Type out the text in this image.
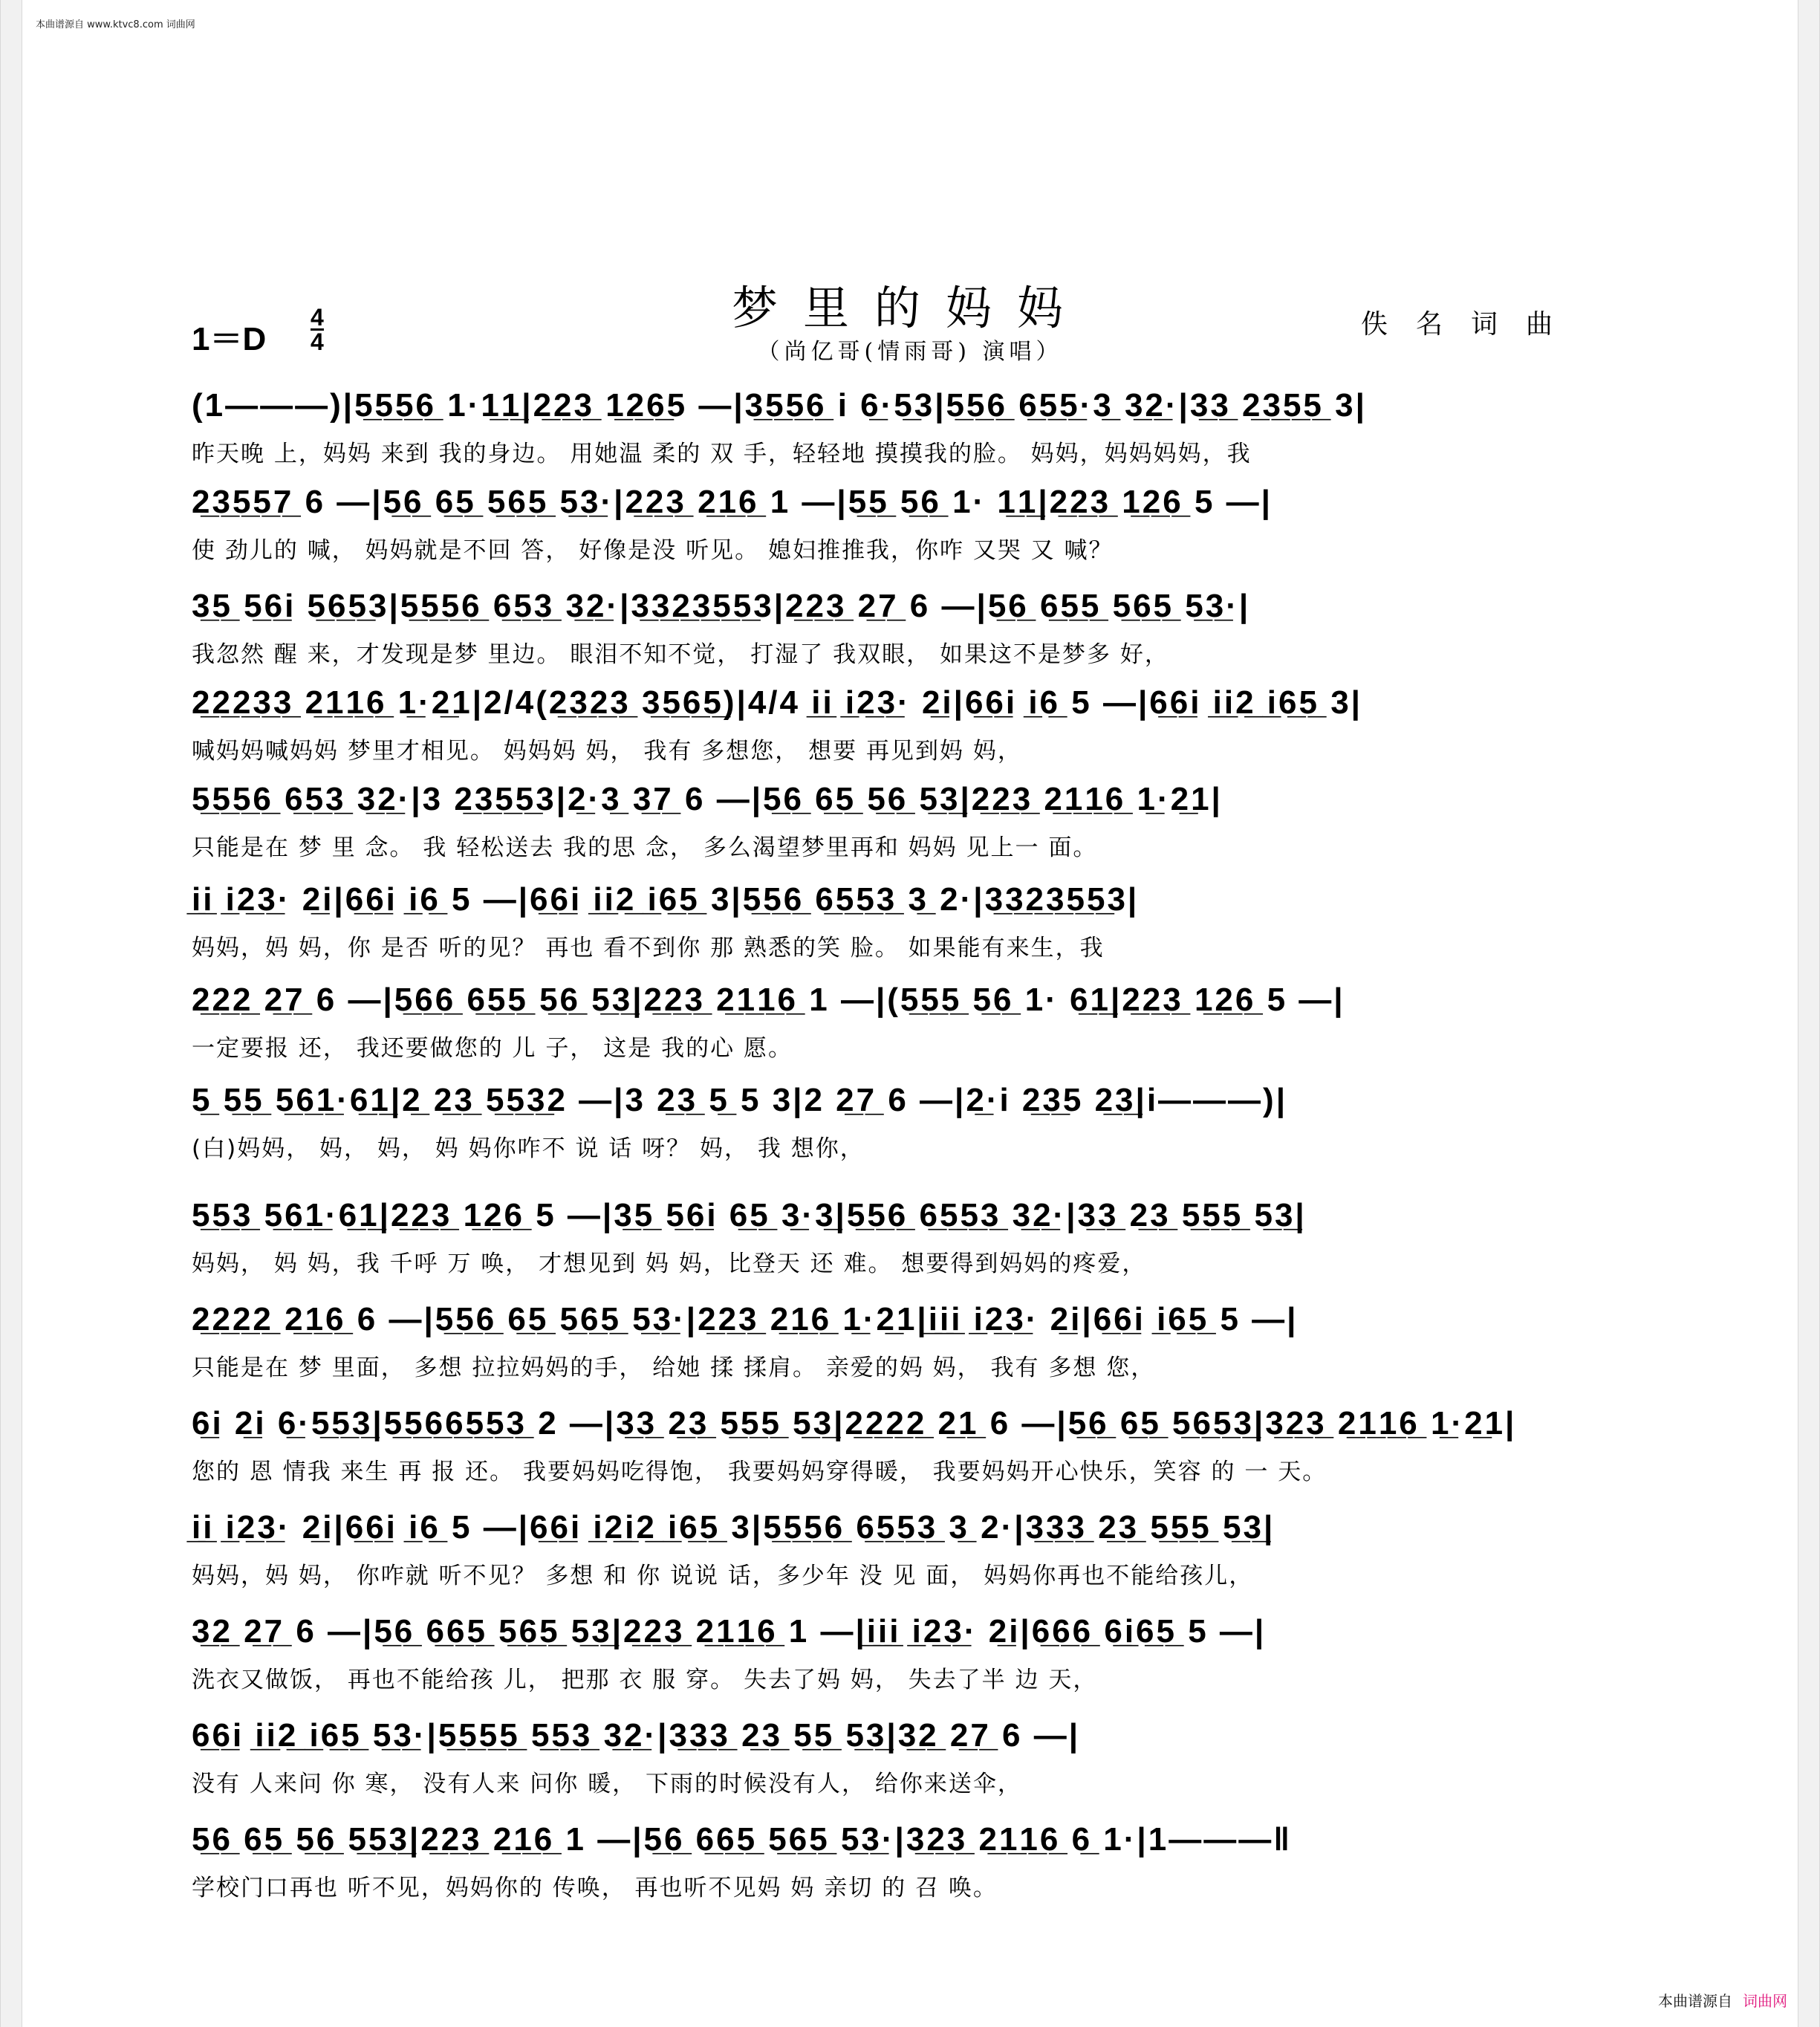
本曲谱源自 www.ktvc8.com 词曲网
梦里的妈妈
（尚亿哥(情雨哥) 演唱）
$1=D \frac{4}{4}$	佚名词曲
(1———)|5̲5̲5̲6̲ 1·1̲1̲|2̲2̲3̲ 1̲2̲6̲5 —|3̲5̲5̲6̲ i 6̲·5̲3|5̲5̲6̲ 6̲5̲5̲·3̲ 3̲2̲·|3̲3̲ 2̲3̲5̲5̲ 3|
昨天晚 上，妈妈 来到 我的身边。 用她温 柔的 双 手，轻轻地 摸摸我的脸。 妈妈，妈妈妈妈，我
2̲3̲5̲5̲7̲ 6 —|5̲6̲ 6̲5̲ 5̲6̲5̲ 5̲3̲·|2̲2̲3̲ 2̲1̲6̲ 1 —|5̲5̲ 5̲6̲ 1· 1̲1̲|2̲2̲3̲ 1̲2̲6̲ 5 —|
使 劲儿的 喊， 妈妈就是不回 答， 好像是没 听见。 媳妇推推我，你咋 又哭 又 喊？
3̲5̲ 5̲6̲i 5̲6̲5̲3|5̲5̲5̲6̲ 6̲5̲3̲ 3̲2̲·|3̲3̲2̲3̲5̲5̲3|2̲2̲3̲ 2̲7̲ 6 —|5̲6̲ 6̲5̲5̲ 5̲6̲5̲ 5̲3̲·|
我忽然 醒 来，才发现是梦 里边。 眼泪不知不觉， 打湿了 我双眼， 如果这不是梦多 好，
2̲2̲2̲3̲3̲ 2̲1̲1̲6̲ 1̲·2̲1|2/4(2̲3̲2̲3̲ 3̲5̲6̲5̲)|4/4 i̲i̲ i̲2̲3̲· 2̲i|6̲6̲i i̲6̲ 5 —|6̲6̲i i̲i̲2̲ i̲6̲5̲ 3|
喊妈妈喊妈妈 梦里才相见。 妈妈妈 妈， 我有 多想您， 想要 再见到妈 妈，
5̲5̲5̲6̲ 6̲5̲3̲ 3̲2̲·|3 2̲3̲5̲5̲3|2̲·3̲ 3̲7̲ 6 —|5̲6̲ 6̲5̲ 5̲6̲ 5̲3̲|2̲2̲3̲ 2̲1̲1̲6̲ 1̲·2̲1|
只能是在 梦 里 念。 我 轻松送去 我的思 念， 多么渴望梦里再和 妈妈 见上一 面。
i̲i̲ i̲2̲3̲· 2̲i|6̲6̲i i̲6̲ 5 —|6̲6̲i i̲i̲2̲ i̲6̲5̲ 3|5̲5̲6̲ 6̲5̲5̲3̲ 3̲ 2·|3̲3̲2̲3̲5̲5̲3|
妈妈，妈 妈，你 是否 听的见？ 再也 看不到你 那 熟悉的笑 脸。 如果能有来生，我
2̲2̲2̲ 2̲7̲ 6 —|5̲6̲6̲ 6̲5̲5̲ 5̲6̲ 5̲3̲|2̲2̲3̲ 2̲1̲1̲6̲ 1 —|(5̲5̲5̲ 5̲6̲ 1· 6̲1̲|2̲2̲3̲ 1̲2̲6̲ 5 —|
一定要报 还， 我还要做您的 儿 子， 这是 我的心 愿。
5̲ 5̲5̲ 5̲6̲1̲·6̲1̲|2̲ 2̲3̲ 5̲5̲3̲2 —|3 2̲3̲ 5̲ 5 3|2 2̲7̲ 6 —|2̲·i 2̲3̲5 2̲3̲|i———)|
(白)妈妈， 妈， 妈， 妈 妈你咋不 说 话 呀？ 妈， 我 想你，
5̲5̲3̲ 5̲6̲1̲·6̲1̲|2̲2̲3̲ 1̲2̲6̲ 5 —|3̲5̲ 5̲6̲i 6̲5̲ 3̲·3̲|5̲5̲6̲ 6̲5̲5̲3̲ 3̲2̲·|3̲3̲ 2̲3̲ 5̲5̲5̲ 5̲3̲|
妈妈， 妈 妈，我 千呼 万 唤， 才想见到 妈 妈，比登天 还 难。 想要得到妈妈的疼爱，
2̲2̲2̲2̲ 2̲1̲6̲ 6 —|5̲5̲6̲ 6̲5̲ 5̲6̲5̲ 5̲3̲·|2̲2̲3̲ 2̲1̲6̲ 1̲·2̲1|i̲i̲i̲ i̲2̲3̲· 2̲i|6̲6̲i i̲6̲5̲ 5 —|
只能是在 梦 里面， 多想 拉拉妈妈的手， 给她 揉 揉肩。 亲爱的妈 妈， 我有 多想 您，
6̲i 2̲i 6̲·5̲5̲3̲|5̲5̲6̲6̲5̲5̲3̲ 2 —|3̲3̲ 2̲3̲ 5̲5̲5̲ 5̲3̲|2̲2̲2̲2̲ 2̲1̲ 6 —|5̲6̲ 6̲5̲ 5̲6̲5̲3̲|3̲2̲3̲ 2̲1̲1̲6̲ 1̲·2̲1|
您的 恩 情我 来生 再 报 还。 我要妈妈吃得饱， 我要妈妈穿得暖， 我要妈妈开心快乐，笑容 的 一 天。
i̲i̲ i̲2̲3̲· 2̲i|6̲6̲i i̲6̲ 5 —|6̲6̲i i̲2̲i̲2̲ i̲6̲5̲ 3|5̲5̲5̲6̲ 6̲5̲5̲3̲ 3̲ 2·|3̲3̲3̲ 2̲3̲ 5̲5̲5̲ 5̲3̲|
妈妈，妈 妈， 你咋就 听不见？ 多想 和 你 说说 话，多少年 没 见 面， 妈妈你再也不能给孩儿，
3̲2̲ 2̲7̲ 6 —|5̲6̲ 6̲6̲5̲ 5̲6̲5̲ 5̲3̲|2̲2̲3̲ 2̲1̲1̲6̲ 1 —|i̲i̲i̲ i̲2̲3̲· 2̲i|6̲6̲6̲ 6̲i̲6̲5̲ 5 —|
洗衣又做饭， 再也不能给孩 儿， 把那 衣 服 穿。 失去了妈 妈， 失去了半 边 天，
6̲6̲i i̲i̲2̲ i̲6̲5̲ 5̲3̲·|5̲5̲5̲5̲ 5̲5̲3̲ 3̲2̲·|3̲3̲3̲ 2̲3̲ 5̲5̲ 5̲3̲|3̲2̲ 2̲7̲ 6 —|
没有 人来问 你 寒， 没有人来 问你 暖， 下雨的时候没有人， 给你来送伞，
5̲6̲ 6̲5̲ 5̲6̲ 5̲5̲3̲|2̲2̲3̲ 2̲1̲6̲ 1 —|5̲6̲ 6̲6̲5̲ 5̲6̲5̲ 5̲3̲·|3̲2̲3̲ 2̲1̲1̲6̲ 6̲ 1·|1———‖
学校门口再也 听不见，妈妈你的 传唤， 再也听不见妈 妈 亲切 的 召 唤。
本曲谱源自 词曲网
